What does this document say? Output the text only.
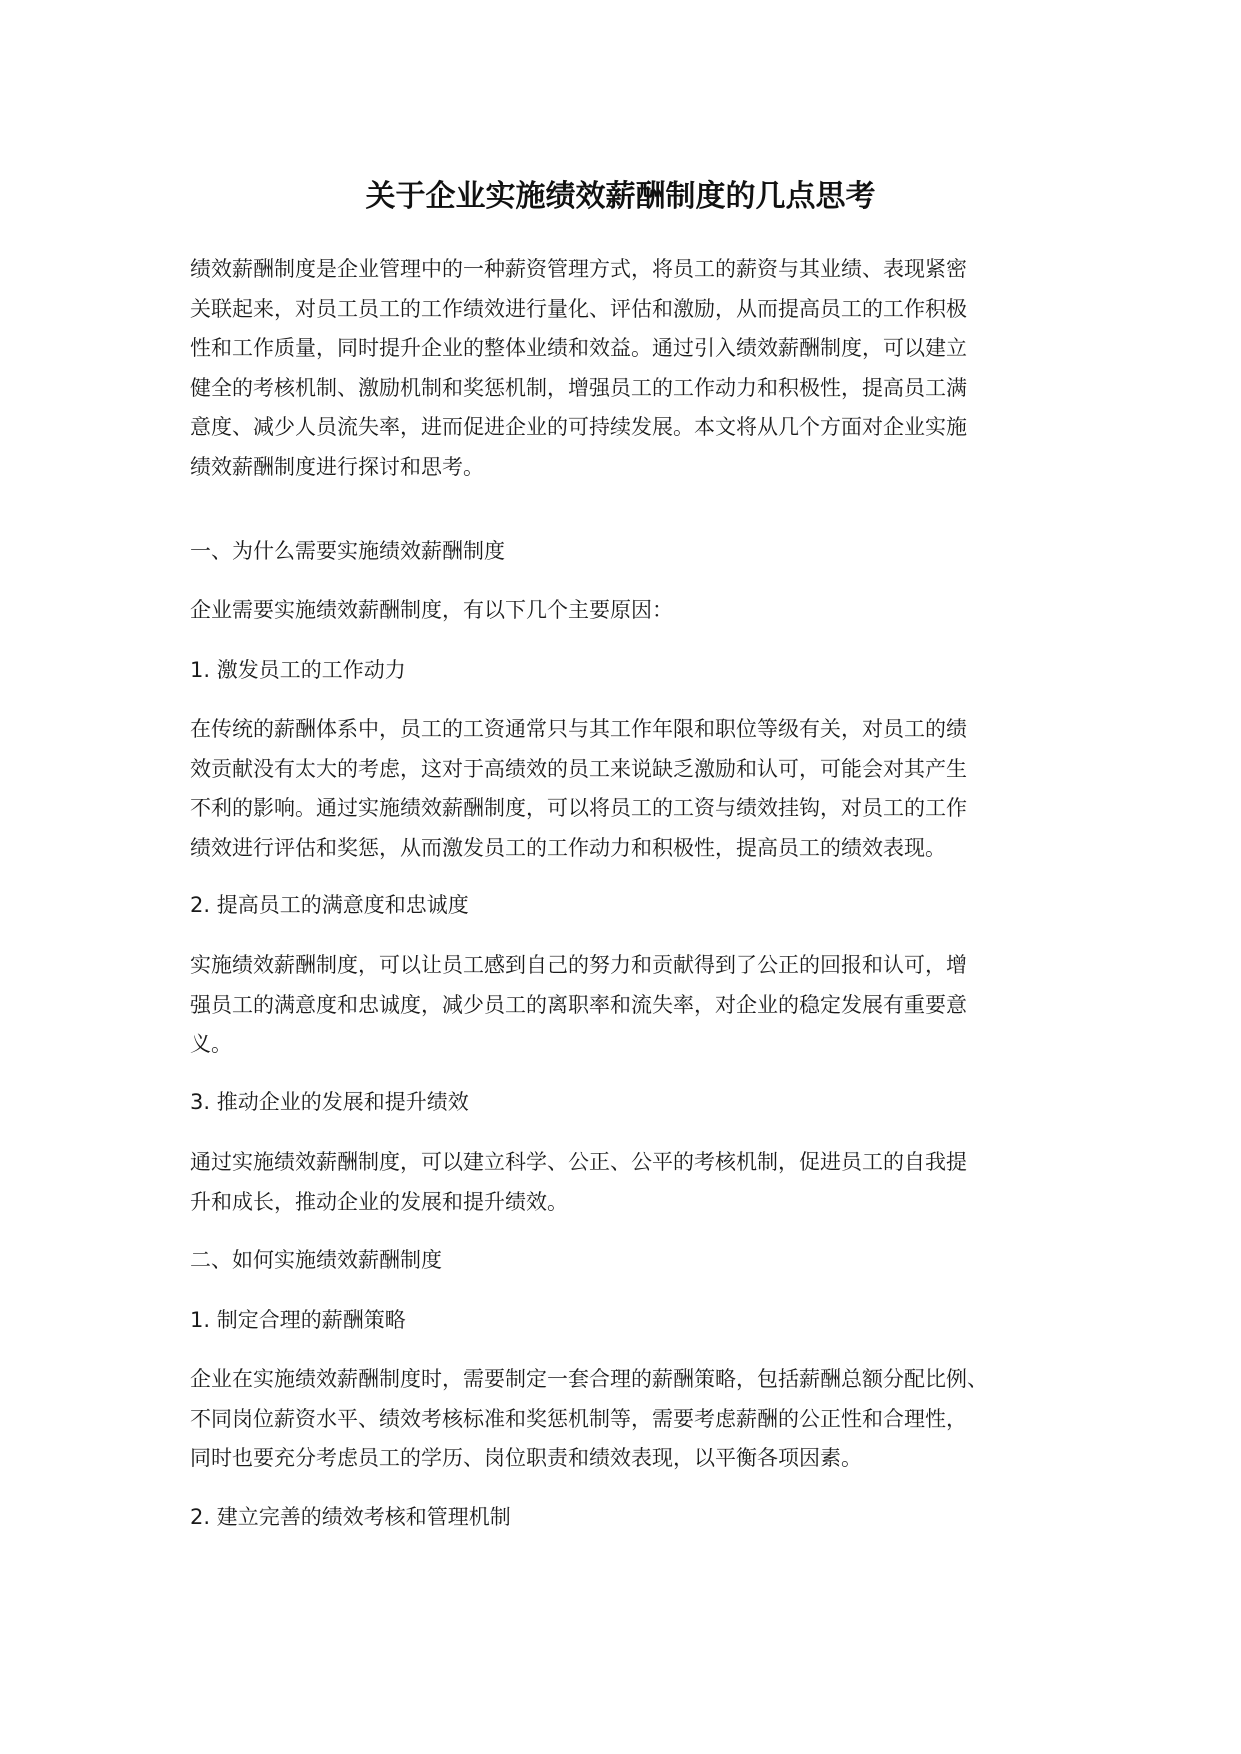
关于企业实施绩效薪酬制度的几点思考

绩效薪酬制度是企业管理中的一种薪资管理方式，将员工的薪资与其业绩、表现紧密
关联起来，对员工员工的工作绩效进行量化、评估和激励，从而提高员工的工作积极
性和工作质量，同时提升企业的整体业绩和效益。通过引入绩效薪酬制度，可以建立
健全的考核机制、激励机制和奖惩机制，增强员工的工作动力和积极性，提高员工满
意度、减少人员流失率，进而促进企业的可持续发展。本文将从几个方面对企业实施
绩效薪酬制度进行探讨和思考。

一、为什么需要实施绩效薪酬制度

企业需要实施绩效薪酬制度，有以下几个主要原因：

1. 激发员工的工作动力

在传统的薪酬体系中，员工的工资通常只与其工作年限和职位等级有关，对员工的绩
效贡献没有太大的考虑，这对于高绩效的员工来说缺乏激励和认可，可能会对其产生
不利的影响。通过实施绩效薪酬制度，可以将员工的工资与绩效挂钩，对员工的工作
绩效进行评估和奖惩，从而激发员工的工作动力和积极性，提高员工的绩效表现。

2. 提高员工的满意度和忠诚度

实施绩效薪酬制度，可以让员工感到自己的努力和贡献得到了公正的回报和认可，增
强员工的满意度和忠诚度，减少员工的离职率和流失率，对企业的稳定发展有重要意
义。

3. 推动企业的发展和提升绩效

通过实施绩效薪酬制度，可以建立科学、公正、公平的考核机制，促进员工的自我提
升和成长，推动企业的发展和提升绩效。

二、如何实施绩效薪酬制度

1. 制定合理的薪酬策略

企业在实施绩效薪酬制度时，需要制定一套合理的薪酬策略，包括薪酬总额分配比例、
不同岗位薪资水平、绩效考核标准和奖惩机制等，需要考虑薪酬的公正性和合理性，
同时也要充分考虑员工的学历、岗位职责和绩效表现，以平衡各项因素。

2. 建立完善的绩效考核和管理机制
